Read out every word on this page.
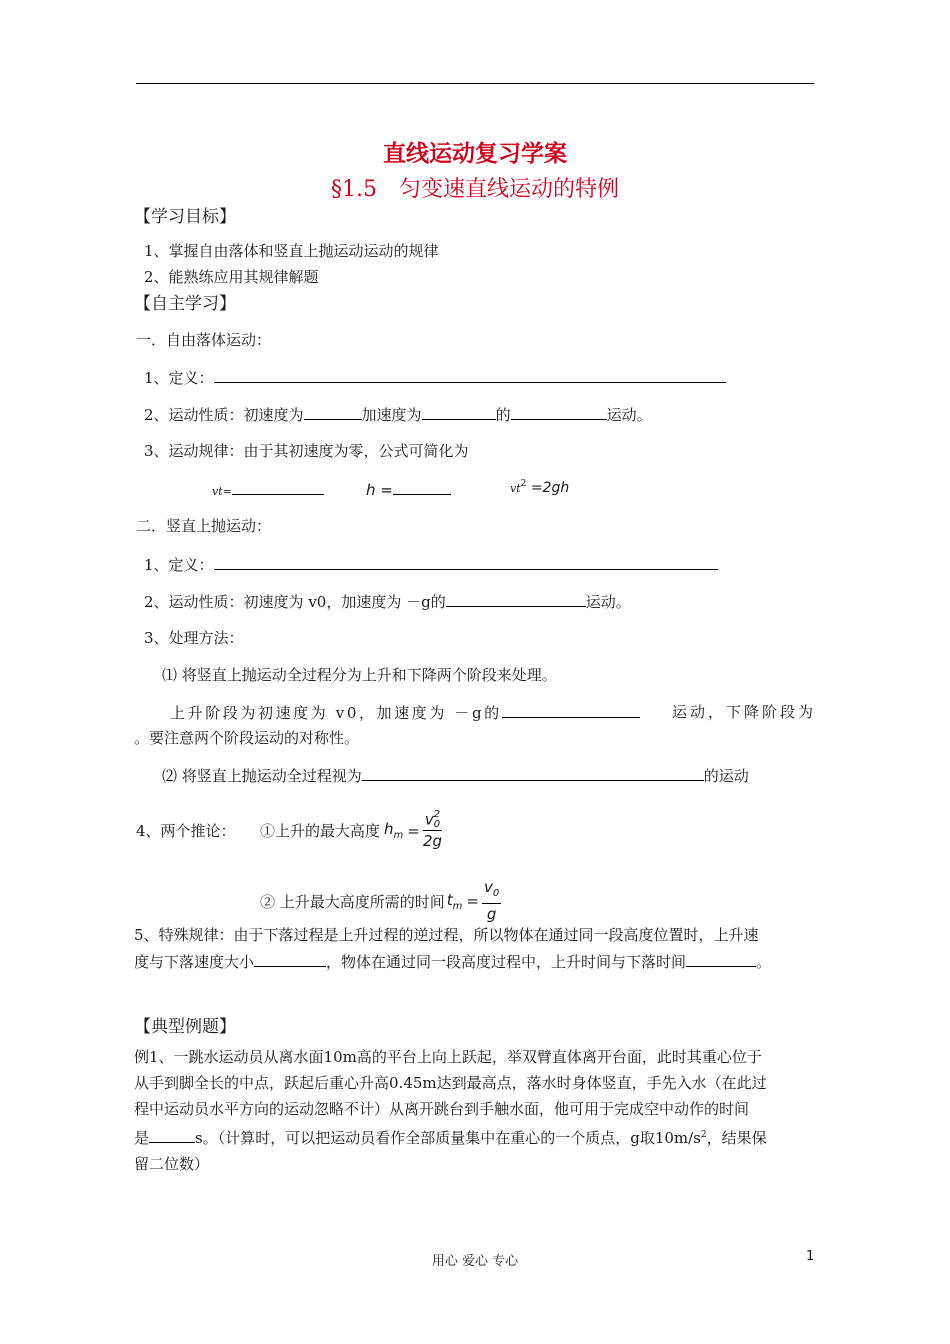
直线运动复习学案
§1.5　匀变速直线运动的特例
【学习目标】
1、掌握自由落体和竖直上抛运动运动的规律
2、能熟练应用其规律解题
【自主学习】
一．自由落体运动：
1、定义：
2、运动性质：初速度为	加速度为	的	运动。
3、运动规律：由于其初速度为零，公式可简化为
vt=	h =	$vt^2 =2gh$
二．竖直上抛运动：
1、定义：
2、运动性质：初速度为 v0，加速度为 －g的	运动。
3、处理方法：
⑴ 将竖直上抛运动全过程分为上升和下降两个阶段来处理。
上升阶段为初速度为 v0，加速度为 －g的	运动，下降阶段为
。要注意两个阶段运动的对称性。
⑵ 将竖直上抛运动全过程视为	的运动
4、两个推论：	①上升的最大高度 $h_m = v$ 2
0
2g
② 上升最大高度所需的时间 $t_m = \frac{v_0}{g}$
5、特殊规律：由于下落过程是上升过程的逆过程，所以物体在通过同一段高度位置时，上升速
度与下落速度大小	，物体在通过同一段高度过程中，上升时间与下落时间	。
【典型例题】
例1、一跳水运动员从离水面10m高的平台上向上跃起，举双臂直体离开台面，此时其重心位于
从手到脚全长的中点，跃起后重心升高0.45m达到最高点，落水时身体竖直，手先入水（在此过
程中运动员水平方向的运动忽略不计）从离开跳台到手触水面，他可用于完成空中动作的时间
是	s。（计算时，可以把运动员看作全部质量集中在重心的一个质点，g取$10m/s^2$，结果保
留二位数）
用心 爱心 专心	1
